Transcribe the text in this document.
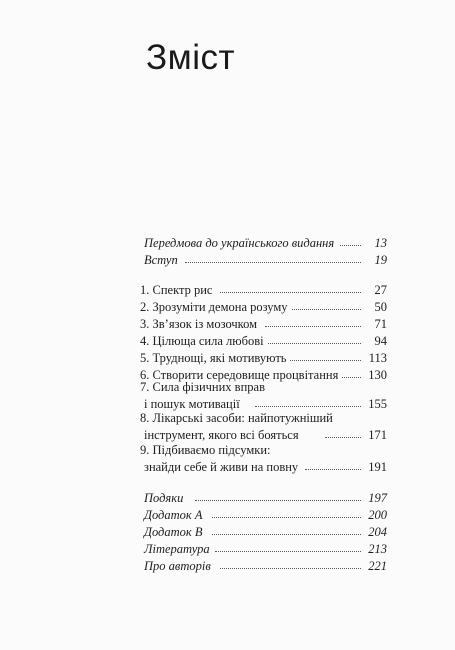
Зміст
Передмова до українського видання	13
Вступ	19
1. Спектр рис	27
2. Зрозуміти демона розуму	50
3. Зв’язок із мозочком	71
4. Цілюща сила любові	94
5. Труднощі, які мотивують	113
6. Створити середовище процвітання 130
7. Сила фізичних вправ
і пошук мотивації	155
8. Лікарські засоби: найпотужніший
інструмент, якого всі бояться	171
9. Підбиваємо підсумки:
знайди себе й живи на повну	191
Подяки	197
Додаток А	200
Додаток В	204
Література	213
Про авторів	221
